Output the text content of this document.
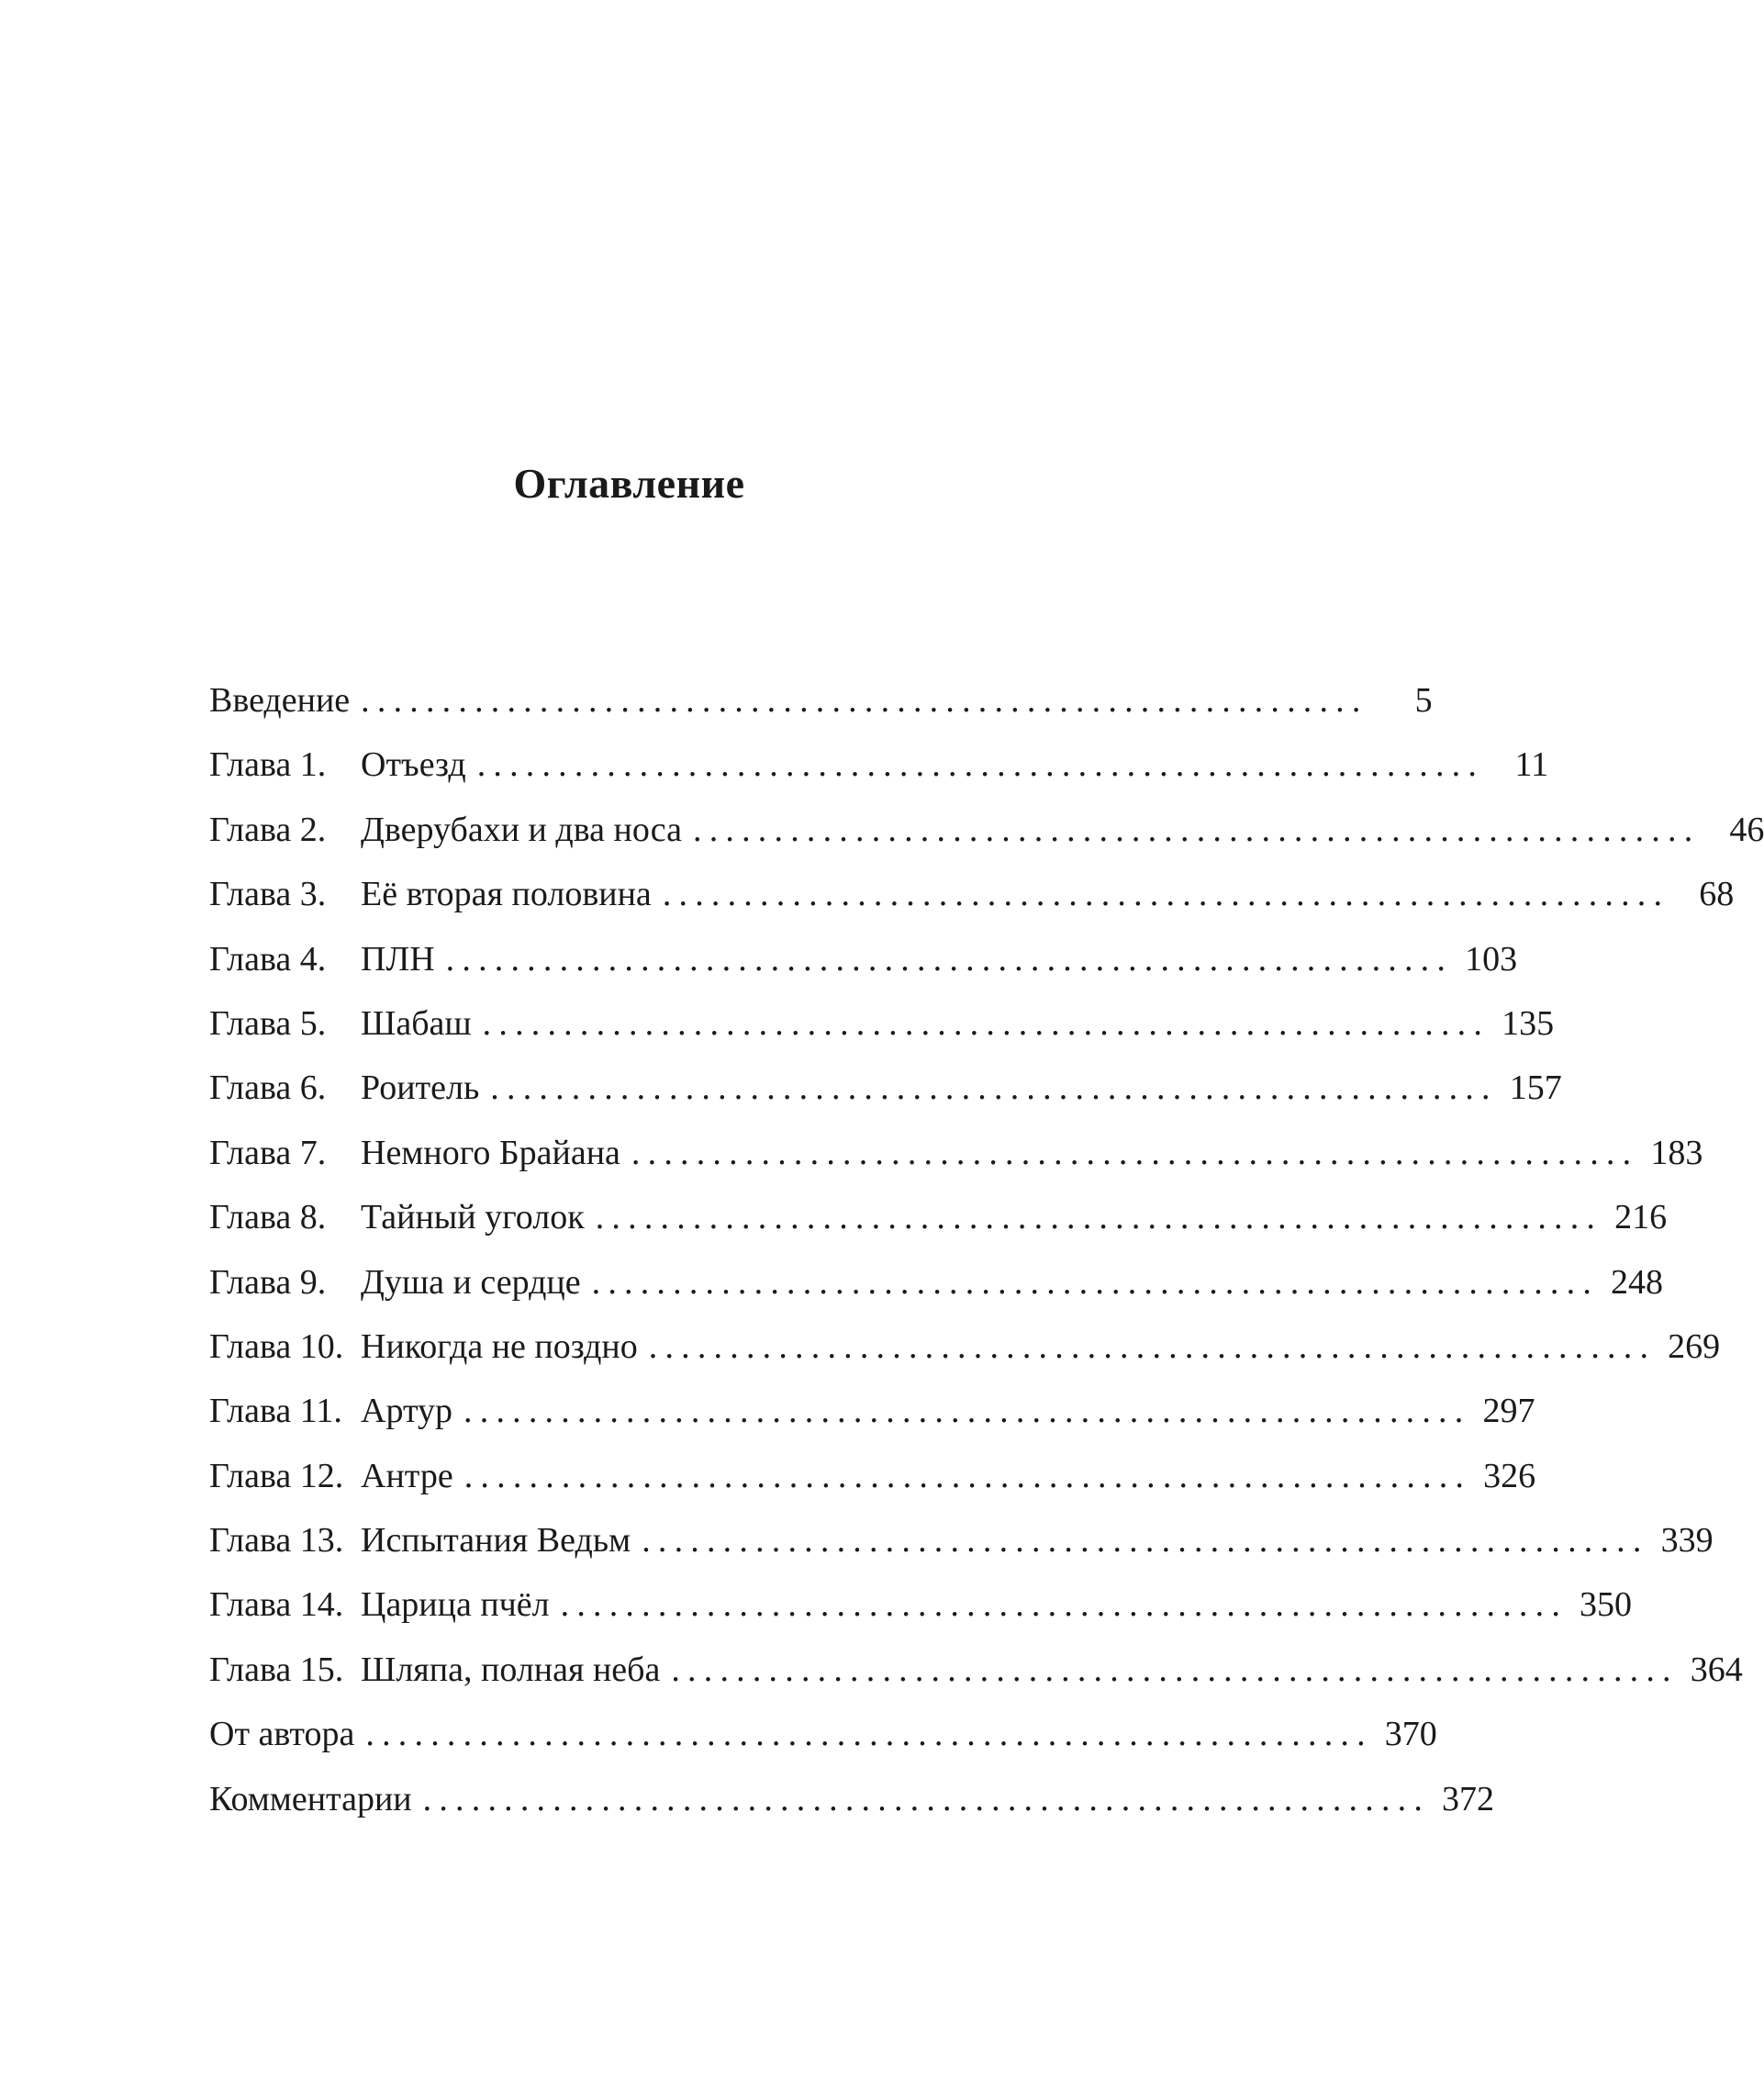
Оглавление
Введение ..............................................................	5
Глава 1. Отъезд .............................................................. 11
Глава 2. Дверубахи и два носа .............................................................. 46
Глава 3. Её вторая половина .............................................................. 68
Глава 4. ПЛН .............................................................. 103
Глава 5. Шабаш .............................................................. 135
Глава 6. Роитель .............................................................. 157
Глава 7. Немного Брайана .............................................................. 183
Глава 8. Тайный уголок .............................................................. 216
Глава 9. Душа и сердце .............................................................. 248
Глава 10. Никогда не поздно .............................................................. 269
Глава 11. Артур .............................................................. 297
Глава 12. Антре .............................................................. 326
Глава 13. Испытания Ведьм .............................................................. 339
Глава 14. Царица пчёл .............................................................. 350
Глава 15. Шляпа, полная неба .............................................................. 364
От автора .............................................................. 370
Комментарии .............................................................. 372
